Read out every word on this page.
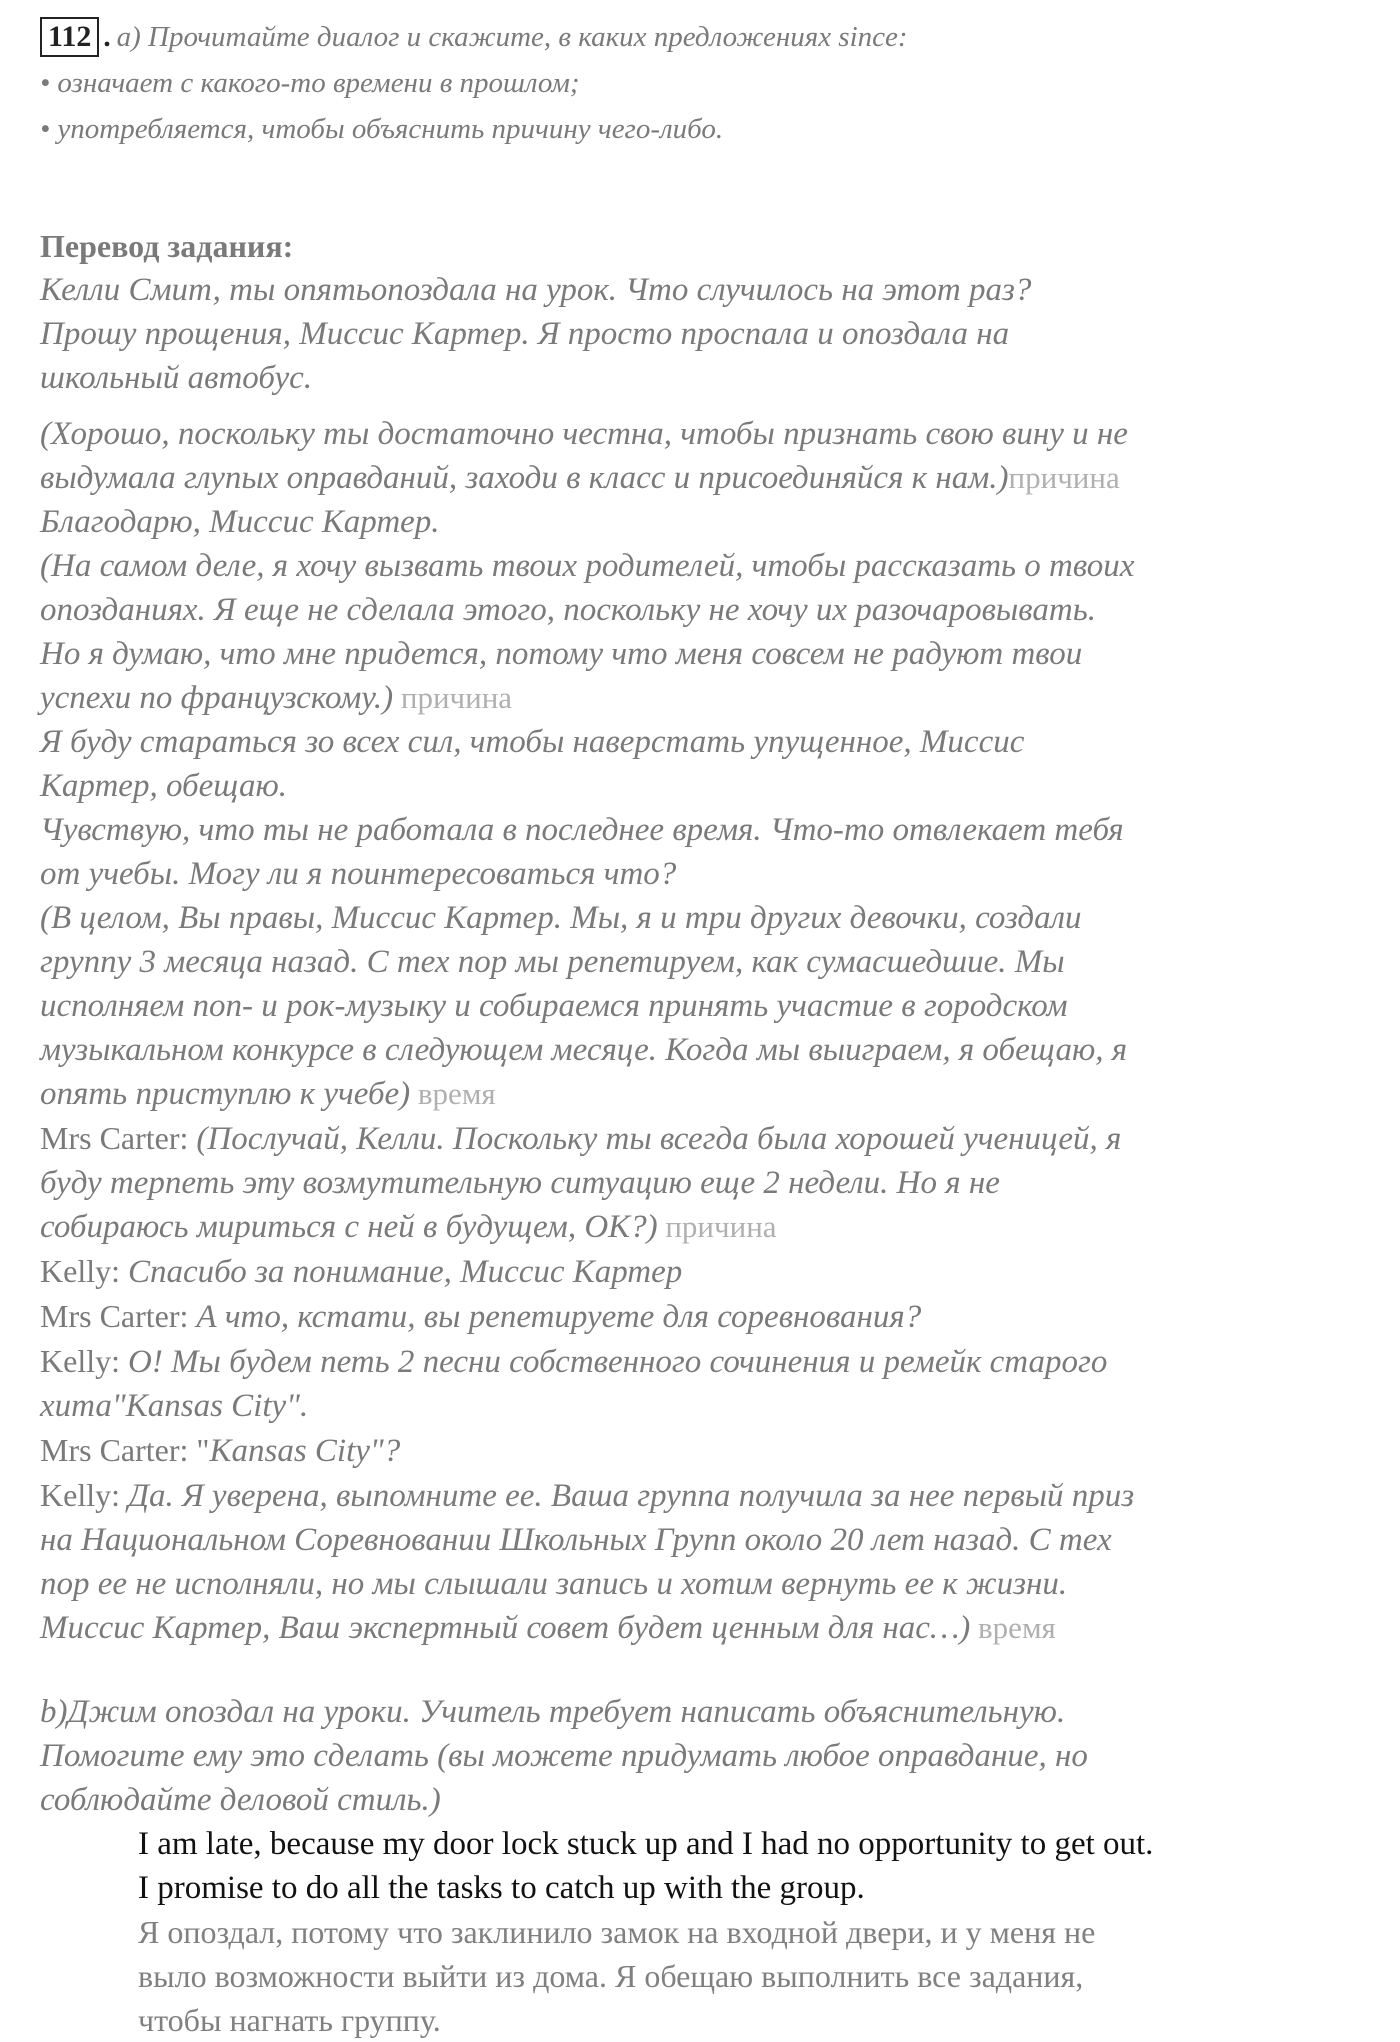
112 . а) Прочитайте диалог и скажите, в каких предложениях since:
• означает с какого-то времени в прошлом;
• употребляется, чтобы объяснить причину чего-либо.
Перевод задания:
Келли Смит, ты опятьопоздала на урок. Что случилось на этот раз?
Прошу прощения, Миссис Картер. Я просто проспала и опоздала на
школьный автобус.
(Хорошо, поскольку ты достаточно честна, чтобы признать свою вину и не
выдумала глупых оправданий, заходи в класс и присоединяйся к нам.)причина
Благодарю, Миссис Картер.
(На самом деле, я хочу вызвать твоих родителей, чтобы рассказать о твоих
опозданиях. Я еще не сделала этого, поскольку не хочу их разочаровывать.
Но я думаю, что мне придется, потому что меня совсем не радуют твои
успехи по французскому.) причина
Я буду стараться зо всех сил, чтобы наверстать упущенное, Миссис
Картер, обещаю.
Чувствую, что ты не работала в последнее время. Что-то отвлекает тебя
от учебы. Могу ли я поинтересоваться что?
(В целом, Вы правы, Миссис Картер. Мы, я и три других девочки, создали
группу 3 месяца назад. С тех пор мы репетируем, как сумасшедшие. Мы
исполняем поп- и рок-музыку и собираемся принять участие в городском
музыкальном конкурсе в следующем месяце. Когда мы выиграем, я обещаю, я
опять приступлю к учебе) время
Mrs Carter: (Послучай, Келли. Поскольку ты всегда была хорошей ученицей, я
буду терпеть эту возмутительную ситуацию еще 2 недели. Но я не
собираюсь мириться с ней в будущем, ОК?) причина
Kelly: Спасибо за понимание, Миссис Картер
Mrs Carter: А что, кстати, вы репетируете для соревнования?
Kelly: О! Мы будем петь 2 песни собственного сочинения и ремейк старого
хита"Kansas City".
Mrs Carter: "Kansas City"?
Kelly: Да. Я уверена, выпомните ее. Ваша группа получила за нее первый приз
на Национальном Соревновании Школьных Групп около 20 лет назад. С тех
пор ее не исполняли, но мы слышали запись и хотим вернуть ее к жизни.
Миссис Картер, Ваш экспертный совет будет ценным для нас…) время
b)Джим опоздал на уроки. Учитель требует написать объяснительную.
Помогите ему это сделать (вы можете придумать любое оправдание, но
соблюдайте деловой стиль.)
I am late, because my door lock stuck up and I had no opportunity to get out.
I promise to do all the tasks to catch up with the group.
Я опоздал, потому что заклинило замок на входной двери, и у меня не
выло возможности выйти из дома. Я обещаю выполнить все задания,
чтобы нагнать группу.
